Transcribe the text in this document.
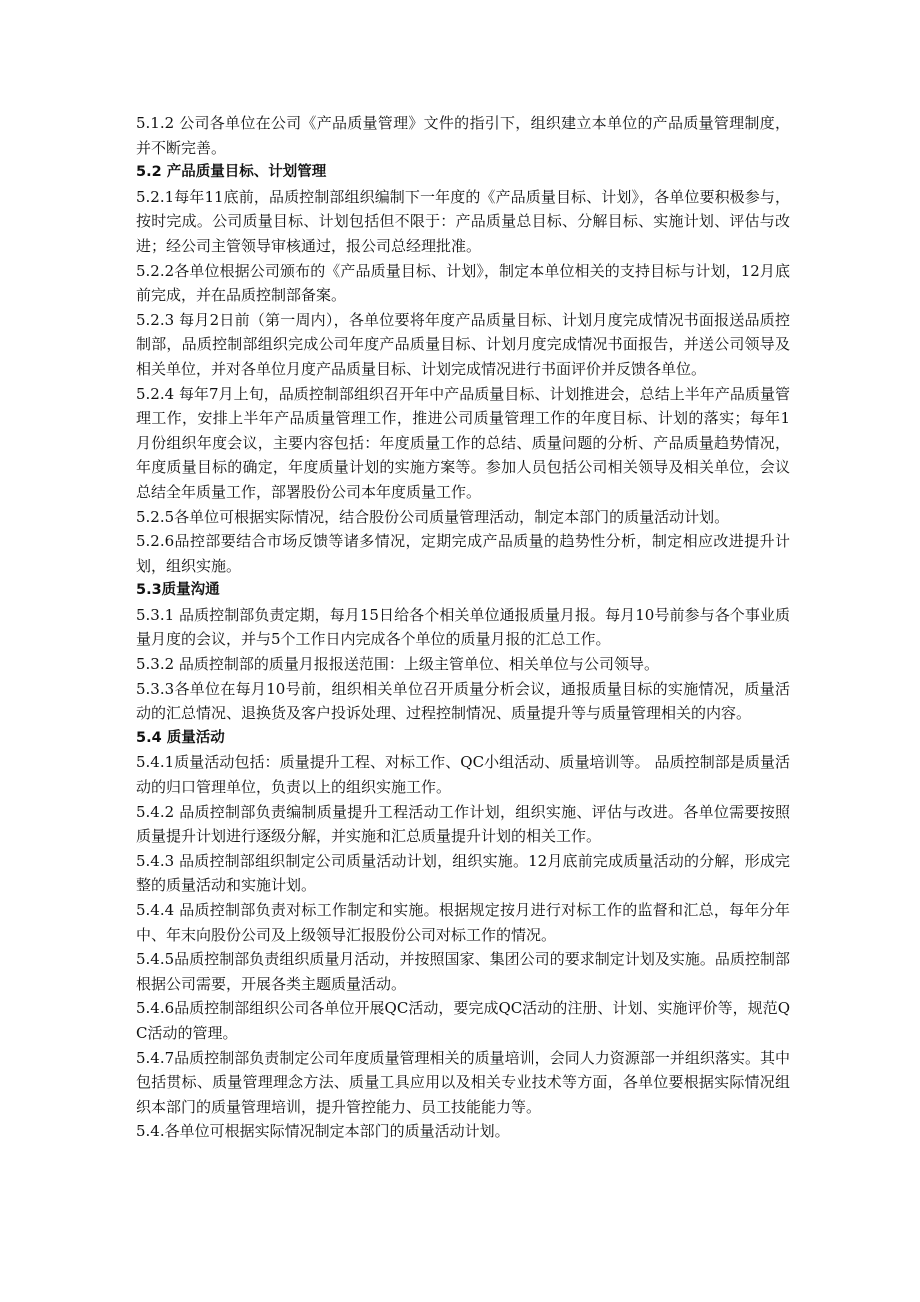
5.1.2 公司各单位在公司《产品质量管理》文件的指引下，组织建立本单位的产品质量管理制度，并不断完善。

5.2 产品质量目标、计划管理

5.2.1每年11底前，品质控制部组织编制下一年度的《产品质量目标、计划》，各单位要积极参与，按时完成。公司质量目标、计划包括但不限于：产品质量总目标、分解目标、实施计划、评估与改进；经公司主管领导审核通过，报公司总经理批准。

5.2.2各单位根据公司颁布的《产品质量目标、计划》，制定本单位相关的支持目标与计划，12月底前完成，并在品质控制部备案。

5.2.3 每月2日前（第一周内），各单位要将年度产品质量目标、计划月度完成情况书面报送品质控制部，品质控制部组织完成公司年度产品质量目标、计划月度完成情况书面报告，并送公司领导及相关单位，并对各单位月度产品质量目标、计划完成情况进行书面评价并反馈各单位。

5.2.4 每年7月上旬，品质控制部组织召开年中产品质量目标、计划推进会，总结上半年产品质量管理工作，安排上半年产品质量管理工作，推进公司质量管理工作的年度目标、计划的落实；每年1月份组织年度会议，主要内容包括：年度质量工作的总结、质量问题的分析、产品质量趋势情况，年度质量目标的确定，年度质量计划的实施方案等。参加人员包括公司相关领导及相关单位，会议总结全年质量工作，部署股份公司本年度质量工作。

5.2.5各单位可根据实际情况，结合股份公司质量管理活动，制定本部门的质量活动计划。

5.2.6品控部要结合市场反馈等诸多情况，定期完成产品质量的趋势性分析，制定相应改进提升计划，组织实施。

5.3质量沟通

5.3.1 品质控制部负责定期，每月15日给各个相关单位通报质量月报。每月10号前参与各个事业质量月度的会议，并与5个工作日内完成各个单位的质量月报的汇总工作。

5.3.2 品质控制部的质量月报报送范围：上级主管单位、相关单位与公司领导。

5.3.3各单位在每月10号前，组织相关单位召开质量分析会议，通报质量目标的实施情况，质量活动的汇总情况、退换货及客户投诉处理、过程控制情况、质量提升等与质量管理相关的内容。

5.4 质量活动

5.4.1质量活动包括：质量提升工程、对标工作、QC小组活动、质量培训等。 品质控制部是质量活动的归口管理单位，负责以上的组织实施工作。

5.4.2 品质控制部负责编制质量提升工程活动工作计划，组织实施、评估与改进。各单位需要按照质量提升计划进行逐级分解，并实施和汇总质量提升计划的相关工作。

5.4.3 品质控制部组织制定公司质量活动计划，组织实施。12月底前完成质量活动的分解，形成完整的质量活动和实施计划。

5.4.4 品质控制部负责对标工作制定和实施。根据规定按月进行对标工作的监督和汇总，每年分年中、年末向股份公司及上级领导汇报股份公司对标工作的情况。

5.4.5品质控制部负责组织质量月活动，并按照国家、集团公司的要求制定计划及实施。品质控制部根据公司需要，开展各类主题质量活动。

5.4.6品质控制部组织公司各单位开展QC活动，要完成QC活动的注册、计划、实施评价等，规范QC活动的管理。

5.4.7品质控制部负责制定公司年度质量管理相关的质量培训，会同人力资源部一并组织落实。其中包括贯标、质量管理理念方法、质量工具应用以及相关专业技术等方面，各单位要根据实际情况组织本部门的质量管理培训，提升管控能力、员工技能能力等。

5.4.各单位可根据实际情况制定本部门的质量活动计划。
